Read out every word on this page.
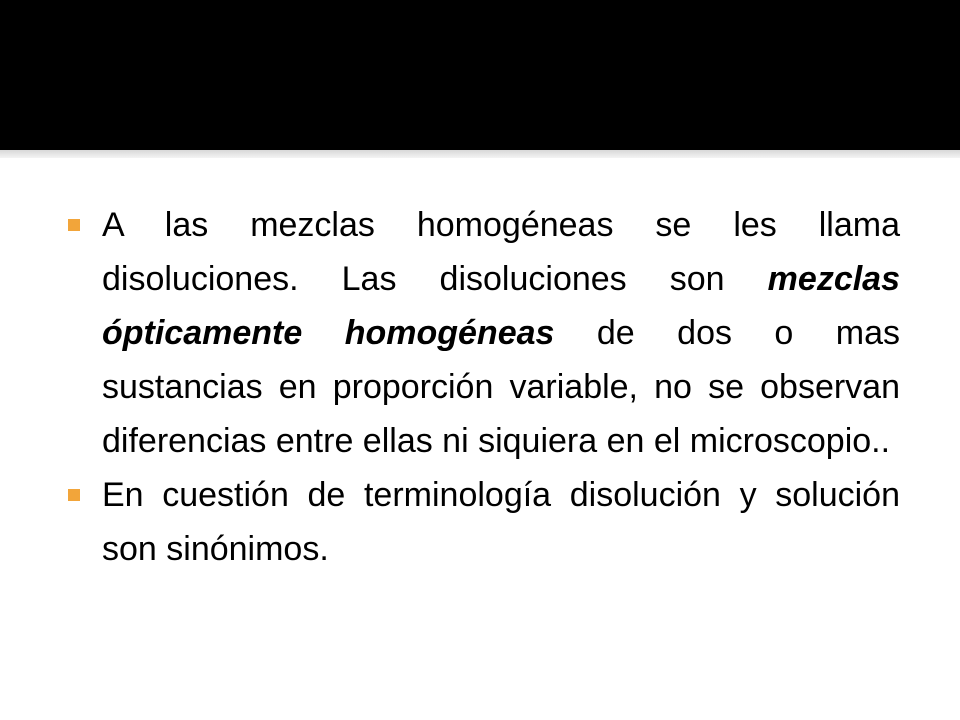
A las mezclas homogéneas se les llama disoluciones. Las disoluciones son mezclas ópticamente homogéneas de dos o mas sustancias en proporción variable, no se observan diferencias entre ellas ni siquiera en el microscopio..
En cuestión de terminología disolución y solución son sinónimos.
